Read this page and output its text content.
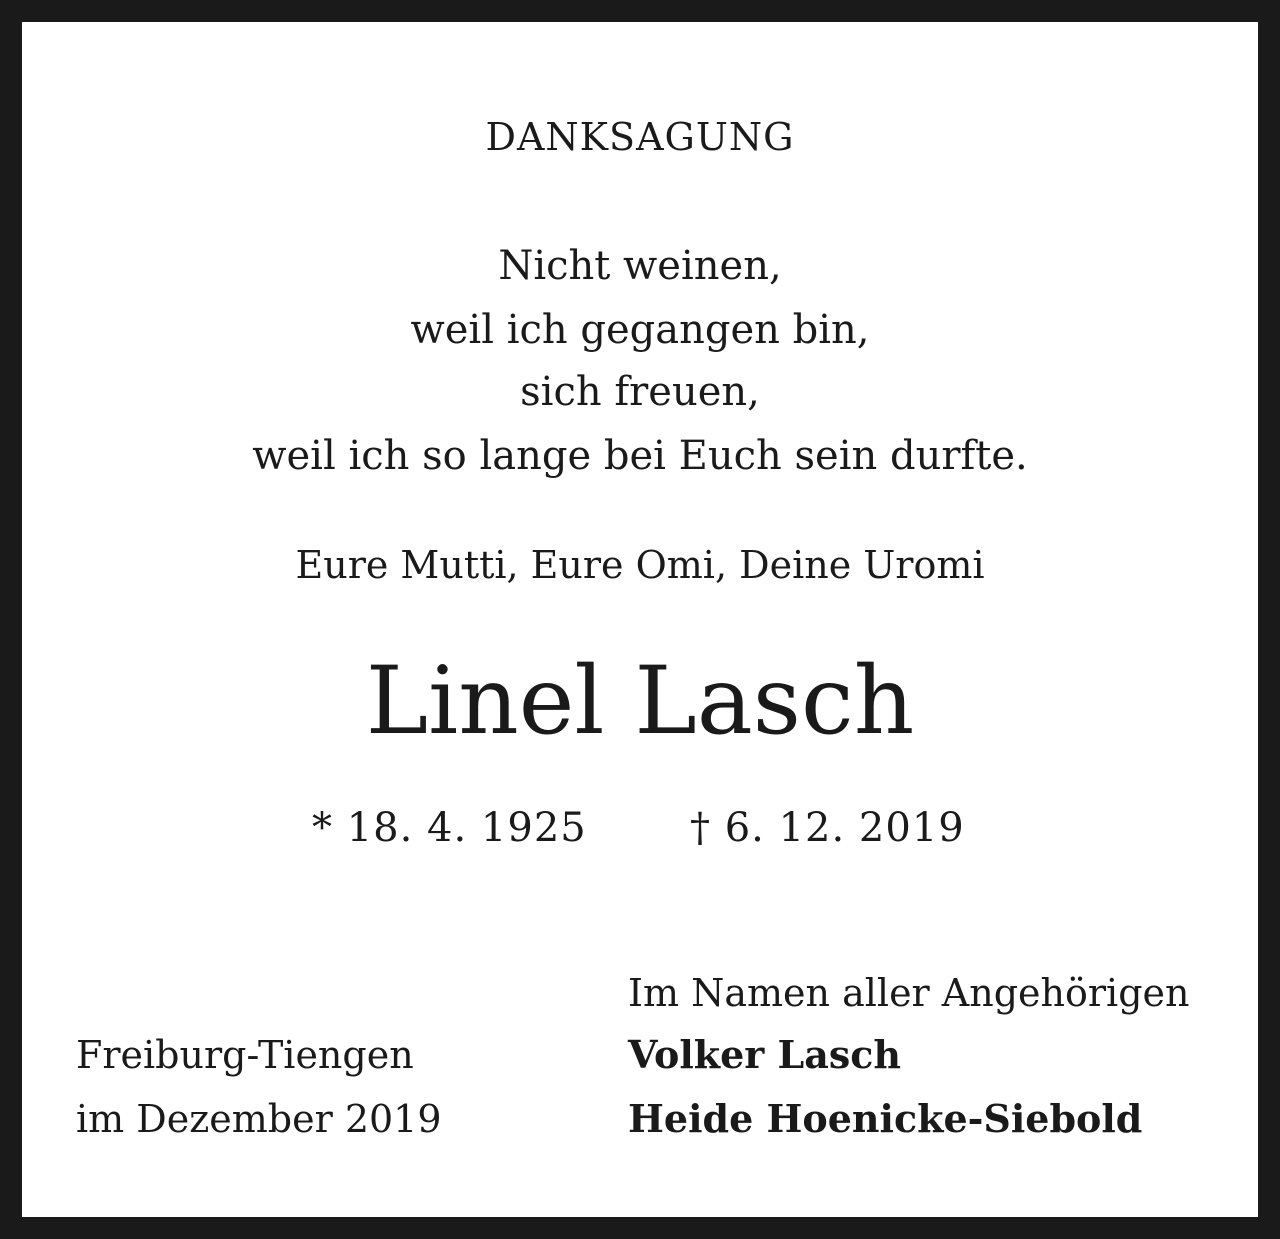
DANKSAGUNG
Nicht weinen,
weil ich gegangen bin,
sich freuen,
weil ich so lange bei Euch sein durfte.
Eure Mutti, Eure Omi, Deine Uromi
Linel Lasch
* 18. 4. 1925	† 6. 12. 2019
Freiburg-Tiengen
im Dezember 2019
Im Namen aller Angehörigen
Volker Lasch
Heide Hoenicke-Siebold
